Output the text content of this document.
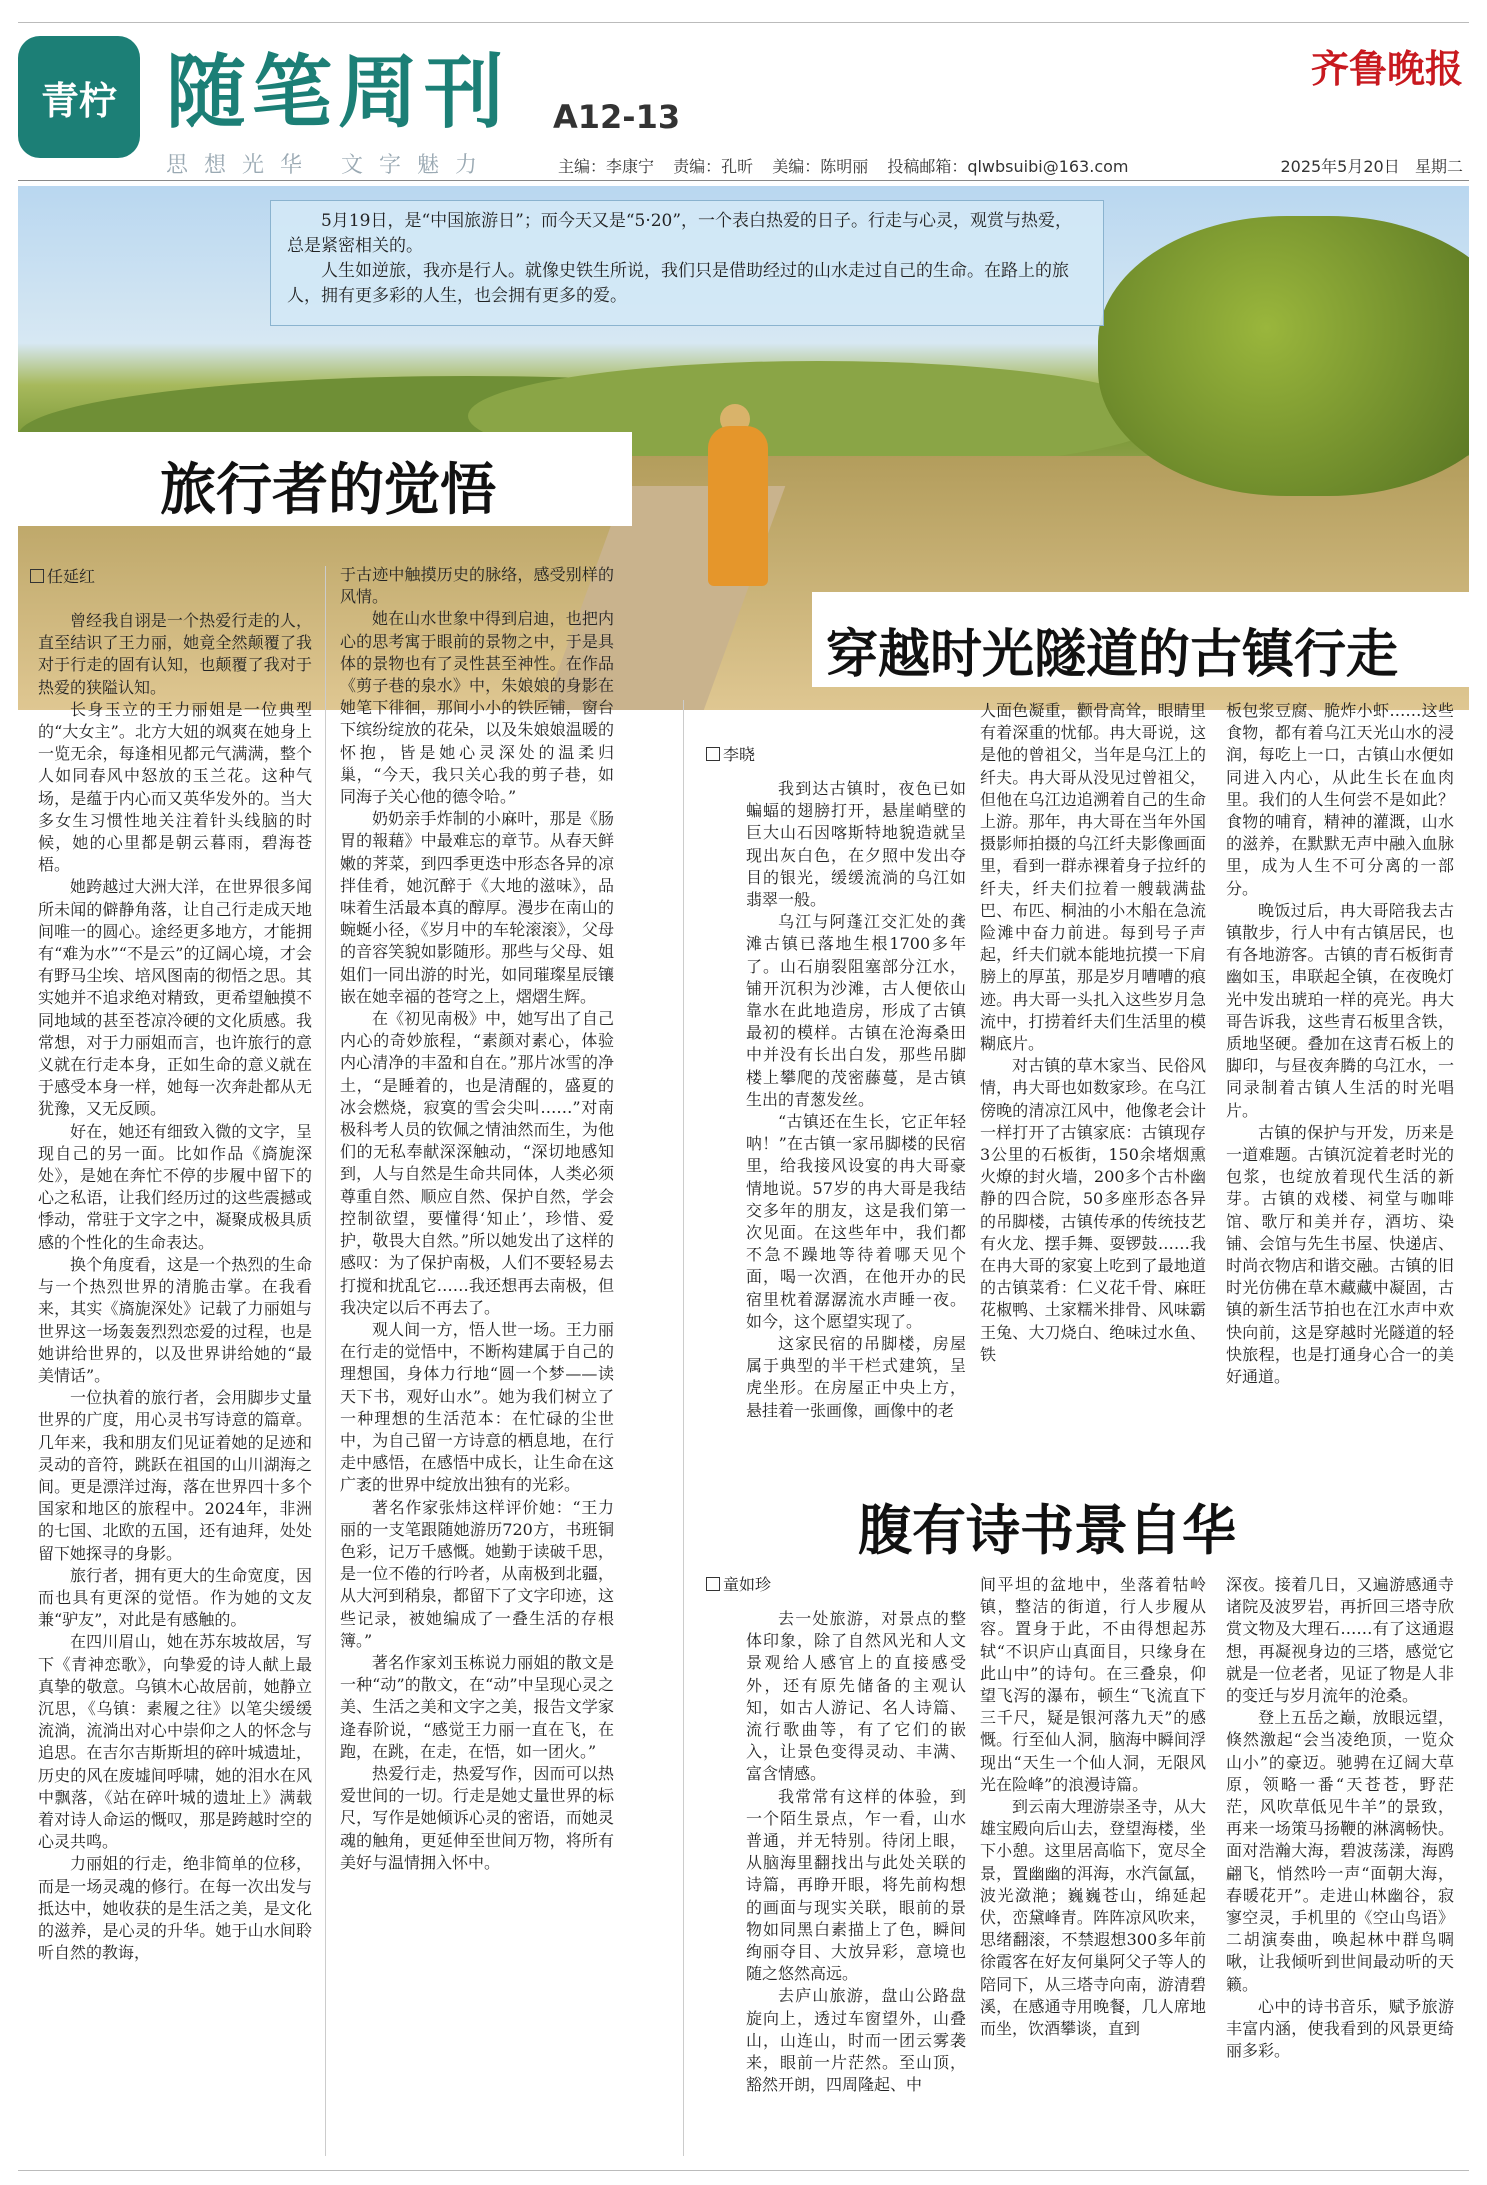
青柠 随笔周刊 A12-13
齐鲁晚报
思想光华 文字魅力	主编：李康宁 责编：孔昕 美编：陈明丽 投稿邮箱：qlwbsuibi@163.com	2025年5月20日 星期二

5月19日，是“中国旅游日”；而今天又是“5·20”，一个表白热爱的日子。行走与心灵，观赏与热爱，总是紧密相关的。

人生如逆旅，我亦是行人。就像史铁生所说，我们只是借助经过的山水走过自己的生命。在路上的旅人，拥有更多彩的人生，也会拥有更多的爱。

旅行者的觉悟
穿越时光隧道的古镇行走
任延红

曾经我自诩是一个热爱行走的人，直至结识了王力丽，她竟全然颠覆了我对于行走的固有认知，也颠覆了我对于热爱的狭隘认知。

长身玉立的王力丽姐是一位典型的“大女主”。北方大妞的飒爽在她身上一览无余，每逢相见都元气满满，整个人如同春风中怒放的玉兰花。这种气场，是蕴于内心而又英华发外的。当大多女生习惯性地关注着针头线脑的时候，她的心里都是朝云暮雨，碧海苍梧。

她跨越过大洲大洋，在世界很多闻所未闻的僻静角落，让自己行走成天地间唯一的圆心。途经更多地方，才能拥有“难为水”“不是云”的辽阔心境，才会有野马尘埃、培风图南的彻悟之思。其实她并不追求绝对精致，更希望触摸不同地域的甚至苍凉冷硬的文化质感。我常想，对于力丽姐而言，也许旅行的意义就在行走本身，正如生命的意义就在于感受本身一样，她每一次奔赴都从无犹豫，又无反顾。

好在，她还有细致入微的文字，呈现自己的另一面。比如作品《旖旎深处》，是她在奔忙不停的步履中留下的心之私语，让我们经历过的这些震撼或悸动，常驻于文字之中，凝聚成极具质感的个性化的生命表达。

换个角度看，这是一个热烈的生命与一个热烈世界的清脆击掌。在我看来，其实《旖旎深处》记载了力丽姐与世界这一场轰轰烈烈恋爱的过程，也是她讲给世界的，以及世界讲给她的“最美情话”。

一位执着的旅行者，会用脚步丈量世界的广度，用心灵书写诗意的篇章。几年来，我和朋友们见证着她的足迹和灵动的音符，跳跃在祖国的山川湖海之间。更是漂洋过海，落在世界四十多个国家和地区的旅程中。2024年，非洲的七国、北欧的五国，还有迪拜，处处留下她探寻的身影。

旅行者，拥有更大的生命宽度，因而也具有更深的觉悟。作为她的文友兼“驴友”，对此是有感触的。

在四川眉山，她在苏东坡故居，写下《青神恋歌》，向挚爱的诗人献上最真挚的敬意。乌镇木心故居前，她静立沉思，《乌镇：素履之往》以笔尖缓缓流淌，流淌出对心中崇仰之人的怀念与追思。在吉尔吉斯斯坦的碎叶城遗址，历史的风在废墟间呼啸，她的泪水在风中飘落，《站在碎叶城的遗址上》满载着对诗人命运的慨叹，那是跨越时空的心灵共鸣。

力丽姐的行走，绝非简单的位移，而是一场灵魂的修行。在每一次出发与抵达中，她收获的是生活之美，是文化的滋养，是心灵的升华。她于山水间聆听自然的教诲，

于古迹中触摸历史的脉络，感受别样的风情。

她在山水世象中得到启迪，也把内心的思考寓于眼前的景物之中，于是具体的景物也有了灵性甚至神性。在作品《剪子巷的泉水》中，朱娘娘的身影在她笔下徘徊，那间小小的铁匠铺，窗台下缤纷绽放的花朵，以及朱娘娘温暖的怀抱，皆是她心灵深处的温柔归巢，“今天，我只关心我的剪子巷，如同海子关心他的德令哈。”

奶奶亲手炸制的小麻叶，那是《肠胃的報藉》中最难忘的章节。从春天鲜嫩的荠菜，到四季更迭中形态各异的凉拌佳肴，她沉醉于《大地的滋味》，品味着生活最本真的醇厚。漫步在南山的蜿蜒小径，《岁月中的车轮滚滚》，父母的音容笑貌如影随形。那些与父母、姐姐们一同出游的时光，如同璀璨星辰镶嵌在她幸福的苍穹之上，熠熠生辉。

在《初见南极》中，她写出了自己内心的奇妙旅程，“素颜对素心，体验内心清净的丰盈和自在。”那片冰雪的净土，“是睡着的，也是清醒的，盛夏的冰会燃烧，寂寞的雪会尖叫……”对南极科考人员的钦佩之情油然而生，为他们的无私奉献深深触动，“深切地感知到，人与自然是生命共同体，人类必须尊重自然、顺应自然、保护自然，学会控制欲望，要懂得‘知止’，珍惜、爱护，敬畏大自然。”所以她发出了这样的感叹：为了保护南极，人们不要轻易去打搅和扰乱它……我还想再去南极，但我决定以后不再去了。

观人间一方，悟人世一场。王力丽在行走的觉悟中，不断构建属于自己的理想国，身体力行地“圆一个梦——读天下书，观好山水”。她为我们树立了一种理想的生活范本：在忙碌的尘世中，为自己留一方诗意的栖息地，在行走中感悟，在感悟中成长，让生命在这广袤的世界中绽放出独有的光彩。

著名作家张炜这样评价她：“王力丽的一支笔跟随她游历720方，书班铜色彩，记万千感慨。她勤于读破千思，是一位不倦的行吟者，从南极到北疆，从大河到稍泉，都留下了文字印迹，这些记录，被她编成了一叠生活的存根簿。”

著名作家刘玉栋说力丽姐的散文是一种“动”的散文，在“动”中呈现心灵之美、生活之美和文字之美，报告文学家逄春阶说，“感觉王力丽一直在飞，在跑，在跳，在走，在悟，如一团火。”

热爱行走，热爱写作，因而可以热爱世间的一切。行走是她丈量世界的标尺，写作是她倾诉心灵的密语，而她灵魂的触角，更延伸至世间万物，将所有美好与温情拥入怀中。

李晓

我到达古镇时，夜色已如蝙蝠的翅膀打开，悬崖峭壁的巨大山石因喀斯特地貌造就呈现出灰白色，在夕照中发出夺目的银光，缓缓流淌的乌江如翡翠一般。

乌江与阿蓬江交汇处的龚滩古镇已落地生根1700多年了。山石崩裂阻塞部分江水，铺开沉积为沙滩，古人便依山靠水在此地造房，形成了古镇最初的模样。古镇在沧海桑田中并没有长出白发，那些吊脚楼上攀爬的茂密藤蔓，是古镇生出的青葱发丝。

“古镇还在生长，它正年轻呐！”在古镇一家吊脚楼的民宿里，给我接风设宴的冉大哥豪情地说。57岁的冉大哥是我结交多年的朋友，这是我们第一次见面。在这些年中，我们都不急不躁地等待着哪天见个面，喝一次酒，在他开办的民宿里枕着潺潺流水声睡一夜。如今，这个愿望实现了。

这家民宿的吊脚楼，房屋属于典型的半干栏式建筑，呈虎坐形。在房屋正中央上方，悬挂着一张画像，画像中的老

人面色凝重，颧骨高耸，眼睛里有着深重的忧郁。冉大哥说，这是他的曾祖父，当年是乌江上的纤夫。冉大哥从没见过曾祖父，但他在乌江边追溯着自己的生命上游。那年，冉大哥在当年外国摄影师拍摄的乌江纤夫影像画面里，看到一群赤裸着身子拉纤的纤夫，纤夫们拉着一艘载满盐巴、布匹、桐油的小木船在急流险滩中奋力前进。每到号子声起，纤夫们就本能地抗摸一下肩膀上的厚茧，那是岁月嘈嘈的痕迹。冉大哥一头扎入这些岁月急流中，打捞着纤夫们生活里的模糊底片。

对古镇的草木家当、民俗风情，冉大哥也如数家珍。在乌江傍晚的清凉江风中，他像老会计一样打开了古镇家底：古镇现存3公里的石板街，150余堵烟熏火燎的封火墙，200多个古朴幽静的四合院，50多座形态各异的吊脚楼，古镇传承的传统技艺有火龙、摆手舞、耍锣鼓……我在冉大哥的家宴上吃到了最地道的古镇菜肴：仁义花千骨、麻旺花椒鸭、土家糯米排骨、风味霸王兔、大刀烧白、绝味过水鱼、铁

板包浆豆腐、脆炸小虾……这些食物，都有着乌江天光山水的浸润，每吃上一口，古镇山水便如同进入内心，从此生长在血肉里。我们的人生何尝不是如此？食物的哺育，精神的灌溉，山水的滋养，在默默无声中融入血脉里，成为人生不可分离的一部分。

晚饭过后，冉大哥陪我去古镇散步，行人中有古镇居民，也有各地游客。古镇的青石板街青幽如玉，串联起全镇，在夜晚灯光中发出琥珀一样的亮光。冉大哥告诉我，这些青石板里含铁，质地坚硬。叠加在这青石板上的脚印，与昼夜奔腾的乌江水，一同录制着古镇人生活的时光唱片。

古镇的保护与开发，历来是一道难题。古镇沉淀着老时光的包浆，也绽放着现代生活的新芽。古镇的戏楼、祠堂与咖啡馆、歌厅和美并存，酒坊、染铺、会馆与先生书屋、快递店、时尚衣物店和谐交融。古镇的旧时光仿佛在草木藏藏中凝固，古镇的新生活节拍也在江水声中欢快向前，这是穿越时光隧道的轻快旅程，也是打通身心合一的美好通道。

腹有诗书景自华
童如珍

去一处旅游，对景点的整体印象，除了自然风光和人文景观给人感官上的直接感受外，还有原先储备的主观认知，如古人游记、名人诗篇、流行歌曲等，有了它们的嵌入，让景色变得灵动、丰满、富含情感。

我常常有这样的体验，到一个陌生景点，乍一看，山水普通，并无特别。待闭上眼，从脑海里翻找出与此处关联的诗篇，再睁开眼，将先前构想的画面与现实关联，眼前的景物如同黑白素描上了色，瞬间绚丽夺目、大放异彩，意境也随之悠然高远。

去庐山旅游，盘山公路盘旋向上，透过车窗望外，山叠山，山连山，时而一团云雾袭来，眼前一片茫然。至山顶，豁然开朗，四周隆起、中

间平坦的盆地中，坐落着牯岭镇，整洁的街道，行人步履从容。置身于此，不由得想起苏轼“不识庐山真面目，只缘身在此山中”的诗句。在三叠泉，仰望飞泻的瀑布，顿生“飞流直下三千尺，疑是银河落九天”的感慨。行至仙人洞，脑海中瞬间浮现出“天生一个仙人洞，无限风光在险峰”的浪漫诗篇。

到云南大理游崇圣寺，从大雄宝殿向后山去，登望海楼，坐下小憩。这里居高临下，宽尽全景，置幽幽的洱海，水汽氤氲，波光潋滟；巍巍苍山，绵延起伏，峦黛峰青。阵阵凉风吹来，思绪翻滚，不禁遐想300多年前徐霞客在好友何巢阿父子等人的陪同下，从三塔寺向南，游清碧溪，在感通寺用晚餐，几人席地而坐，饮酒攀谈，直到

深夜。接着几日，又遍游感通寺诸院及波罗岩，再折回三塔寺欣赏文物及大理石……有了这通遐想，再凝视身边的三塔，感觉它就是一位老者，见证了物是人非的变迁与岁月流年的沧桑。

登上五岳之巅，放眼远望，倏然激起“会当凌绝顶，一览众山小”的豪迈。驰骋在辽阔大草原，领略一番“天苍苍，野茫茫，风吹草低见牛羊”的景致，再来一场策马扬鞭的淋漓畅快。面对浩瀚大海，碧波荡漾，海鸥翩飞，悄然吟一声“面朝大海，春暖花开”。走进山林幽谷，寂寥空灵，手机里的《空山鸟语》二胡演奏曲，唤起林中群鸟啁啾，让我倾听到世间最动听的天籁。

心中的诗书音乐，赋予旅游丰富内涵，使我看到的风景更绮丽多彩。
